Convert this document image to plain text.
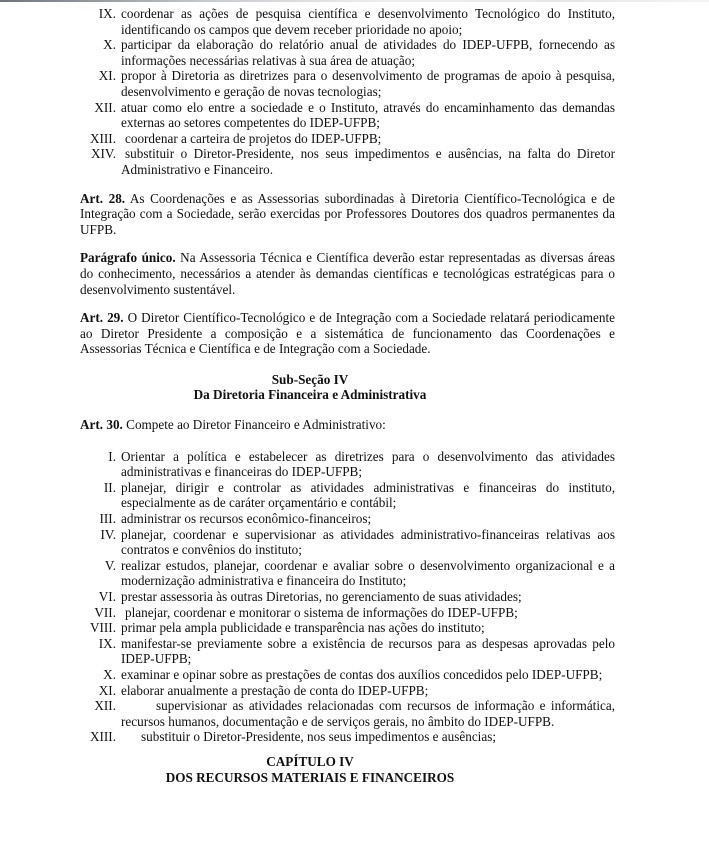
IX. coordenar as ações de pesquisa científica e desenvolvimento Tecnológico do Instituto, identificando os campos que devem receber prioridade no apoio;
X. participar da elaboração do relatório anual de atividades do IDEP-UFPB, fornecendo as informações necessárias relativas à sua área de atuação;
XI. propor à Diretoria as diretrizes para o desenvolvimento de programas de apoio à pesquisa, desenvolvimento e geração de novas tecnologias;
XII. atuar como elo entre a sociedade e o Instituto, através do encaminhamento das demandas externas ao setores competentes do IDEP-UFPB;
XIII. coordenar a carteira de projetos do IDEP-UFPB;
XIV. substituir o Diretor-Presidente, nos seus impedimentos e ausências, na falta do Diretor Administrativo e Financeiro.

Art. 28. As Coordenações e as Assessorias subordinadas à Diretoria Científico-Tecnológica e de Integração com a Sociedade, serão exercidas por Professores Doutores dos quadros permanentes da UFPB.

Parágrafo único. Na Assessoria Técnica e Científica deverão estar representadas as diversas áreas do conhecimento, necessários a atender às demandas científicas e tecnológicas estratégicas para o desenvolvimento sustentável.

Art. 29. O Diretor Científico-Tecnológico e de Integração com a Sociedade relatará periodicamente ao Diretor Presidente a composição e a sistemática de funcionamento das Coordenações e Assessorias Técnica e Científica e de Integração com a Sociedade.

Sub-Seção IV
Da Diretoria Financeira e Administrativa

Art. 30. Compete ao Diretor Financeiro e Administrativo:

I. Orientar a política e estabelecer as diretrizes para o desenvolvimento das atividades administrativas e financeiras do IDEP-UFPB;
II. planejar, dirigir e controlar as atividades administrativas e financeiras do instituto, especialmente as de caráter orçamentário e contábil;
III. administrar os recursos econômico-financeiros;
IV. planejar, coordenar e supervisionar as atividades administrativo-financeiras relativas aos contratos e convênios do instituto;
V. realizar estudos, planejar, coordenar e avaliar sobre o desenvolvimento organizacional e a modernização administrativa e financeira do Instituto;
VI. prestar assessoria às outras Diretorias, no gerenciamento de suas atividades;
VII. planejar, coordenar e monitorar o sistema de informações do IDEP-UFPB;
VIII. primar pela ampla publicidade e transparência nas ações do instituto;
IX. manifestar-se previamente sobre a existência de recursos para as despesas aprovadas pelo IDEP-UFPB;
X. examinar e opinar sobre as prestações de contas dos auxílios concedidos pelo IDEP-UFPB;
XI. elaborar anualmente a prestação de conta do IDEP-UFPB;
XII.	supervisionar as atividades relacionadas com recursos de informação e informática, recursos humanos, documentação e de serviços gerais, no âmbito do IDEP-UFPB.
XIII. substituir o Diretor-Presidente, nos seus impedimentos e ausências;
CAPÍTULO IV
DOS RECURSOS MATERIAIS E FINANCEIROS
